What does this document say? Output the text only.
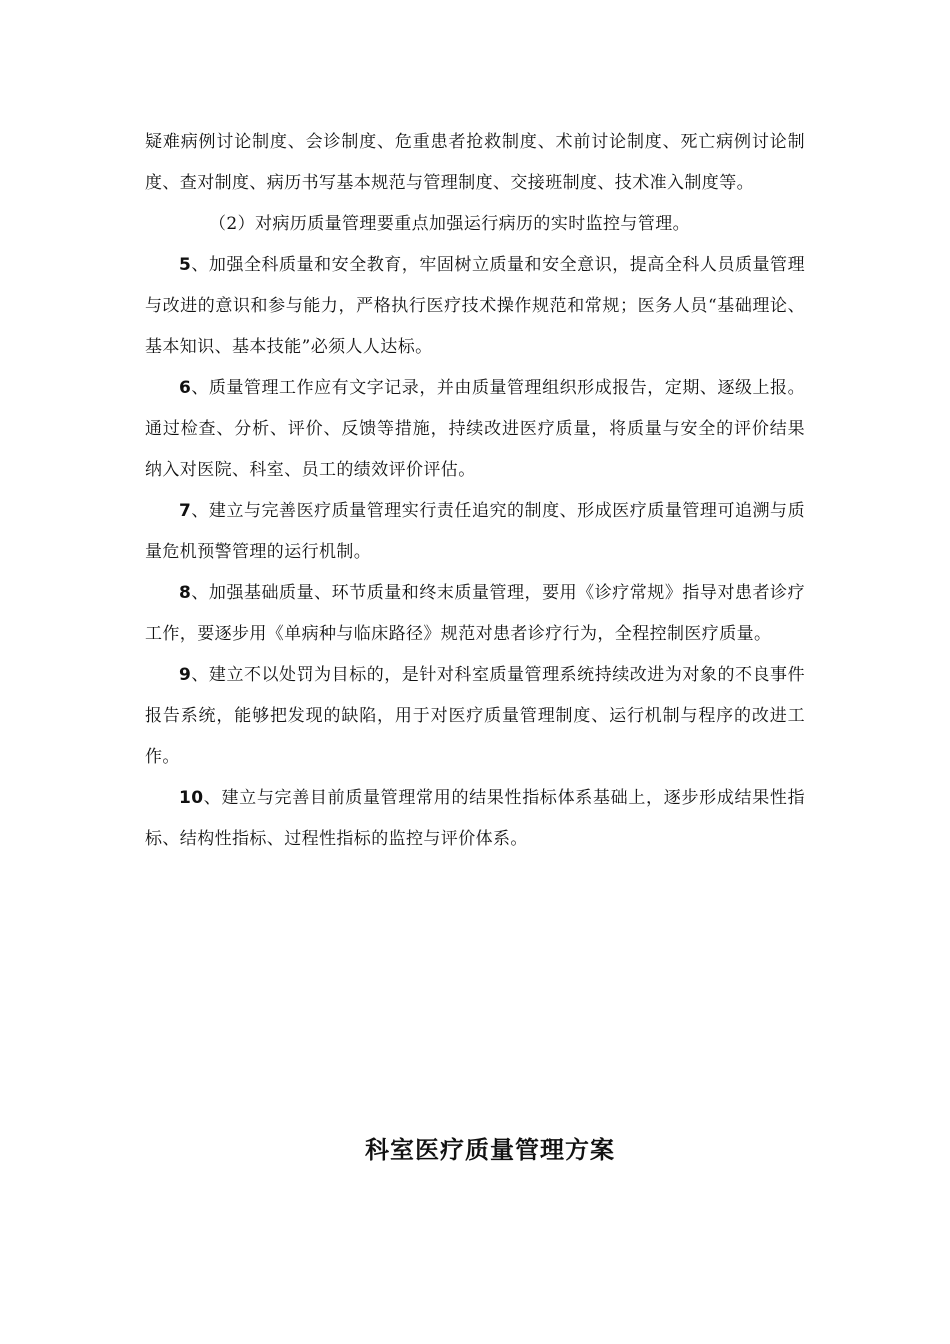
疑难病例讨论制度、会诊制度、危重患者抢救制度、术前讨论制度、死亡病例讨论制度、查对制度、病历书写基本规范与管理制度、交接班制度、技术准入制度等。

（2）对病历质量管理要重点加强运行病历的实时监控与管理。

5、加强全科质量和安全教育，牢固树立质量和安全意识，提高全科人员质量管理与改进的意识和参与能力，严格执行医疗技术操作规范和常规；医务人员“基础理论、基本知识、基本技能”必须人人达标。

6、质量管理工作应有文字记录，并由质量管理组织形成报告，定期、逐级上报。通过检查、分析、评价、反馈等措施，持续改进医疗质量，将质量与安全的评价结果纳入对医院、科室、员工的绩效评价评估。

7、建立与完善医疗质量管理实行责任追究的制度、形成医疗质量管理可追溯与质量危机预警管理的运行机制。

8、加强基础质量、环节质量和终末质量管理，要用《诊疗常规》指导对患者诊疗工作，要逐步用《单病种与临床路径》规范对患者诊疗行为，全程控制医疗质量。

9、建立不以处罚为目标的，是针对科室质量管理系统持续改进为对象的不良事件报告系统，能够把发现的缺陷，用于对医疗质量管理制度、运行机制与程序的改进工作。

10、建立与完善目前质量管理常用的结果性指标体系基础上，逐步形成结果性指标、结构性指标、过程性指标的监控与评价体系。

科室医疗质量管理方案
